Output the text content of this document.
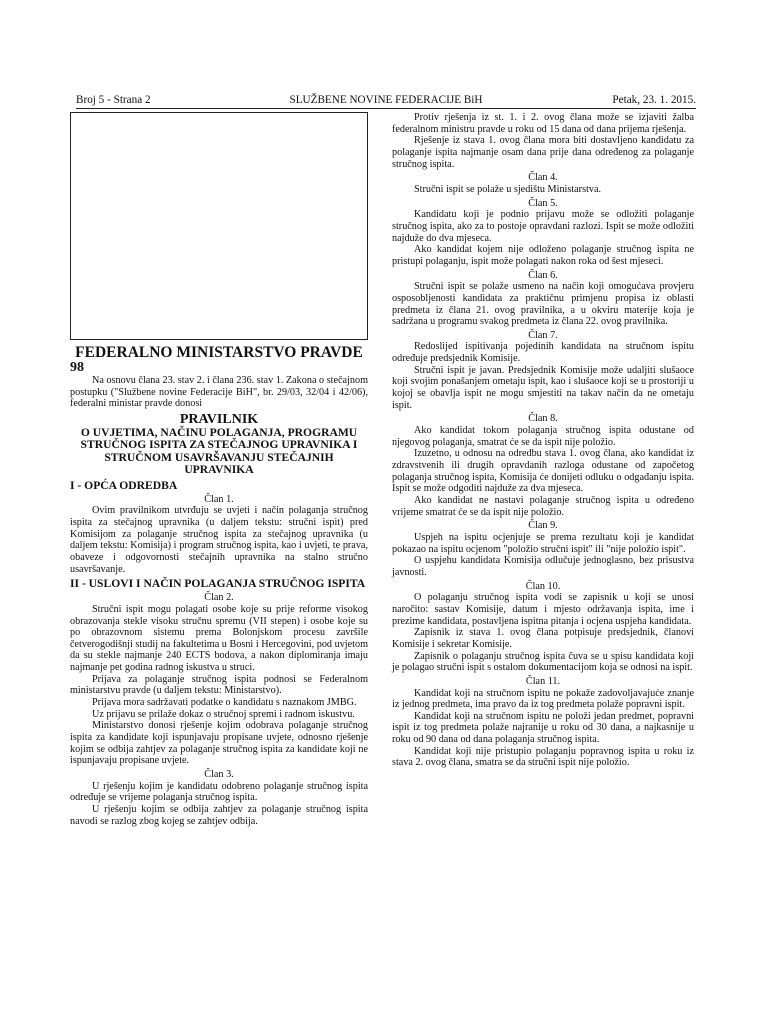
Broj 5 - Strana 2	SLUŽBENE NOVINE FEDERACIJE BiH	Petak, 23. 1. 2015.

FEDERALNO MINISTARSTVO PRAVDE

98

Na osnovu člana 23. stav 2. i člana 236. stav 1. Zakona o stečajnom postupku ("Službene novine Federacije BiH", br. 29/03, 32/04 i 42/06), federalni ministar pravde donosi

PRAVILNIK

O UVJETIMA, NAČINU POLAGANJA, PROGRAMU STRUČNOG ISPITA ZA STEČAJNOG UPRAVNIKA I STRUČNOM USAVRŠAVANJU STEČAJNIH UPRAVNIKA

I - OPĆA ODREDBA

Član 1.

Ovim pravilnikom utvrđuju se uvjeti i način polaganja stručnog ispita za stečajnog upravnika (u daljem tekstu: stručni ispit) pred Komisijom za polaganje stručnog ispita za stečajnog upravnika (u daljem tekstu: Komisija) i program stručnog ispita, kao i uvjeti, te prava, obaveze i odgovornosti stečajnih upravnika na stalno stručno usavršavanje.

II - USLOVI I NAČIN POLAGANJA STRUČNOG ISPITA

Član 2.

Stručni ispit mogu polagati osobe koje su prije reforme visokog obrazovanja stekle visoku stručnu spremu (VII stepen) i osobe koje su po obrazovnom sistemu prema Bolonjskom procesu završile četverogodišnji studij na fakultetima u Bosni i Hercegovini, pod uvjetom da su stekle najmanje 240 ECTS bodova, a nakon diplomiranja imaju najmanje pet godina radnog iskustva u struci.

Prijava za polaganje stručnog ispita podnosi se Federalnom ministarstvu pravde (u daljem tekstu: Ministarstvo).

Prijava mora sadržavati podatke o kandidatu s naznakom JMBG.

Uz prijavu se prilaže dokaz o stručnoj spremi i radnom iskustvu.

Ministarstvo donosi rješenje kojim odobrava polaganje stručnog ispita za kandidate koji ispunjavaju propisane uvjete, odnosno rješenje kojim se odbija zahtjev za polaganje stručnog ispita za kandidate koji ne ispunjavaju propisane uvjete.

Član 3.

U rješenju kojim je kandidatu odobreno polaganje stručnog ispita određuje se vrijeme polaganja stručnog ispita.

U rješenju kojim se odbija zahtjev za polaganje stručnog ispita navodi se razlog zbog kojeg se zahtjev odbija.

Protiv rješenja iz st. 1. i 2. ovog člana može se izjaviti žalba federalnom ministru pravde u roku od 15 dana od dana prijema rješenja.

Rješenje iz stava 1. ovog člana mora biti dostavljeno kandidatu za polaganje ispita najmanje osam dana prije dana određenog za polaganje stručnog ispita.

Član 4.

Stručni ispit se polaže u sjedištu Ministarstva.

Član 5.

Kandidatu koji je podnio prijavu može se odložiti polaganje stručnog ispita, ako za to postoje opravdani razlozi. Ispit se može odložiti najduže do dva mjeseca.

Ako kandidat kojem nije odloženo polaganje stručnog ispita ne pristupi polaganju, ispit može polagati nakon roka od šest mjeseci.

Član 6.

Stručni ispit se polaže usmeno na način koji omogućava provjeru osposobljenosti kandidata za praktičnu primjenu propisa iz oblasti predmeta iz člana 21. ovog pravilnika, a u okviru materije koja je sadržana u programu svakog predmeta iz člana 22. ovog pravilnika.

Član 7.

Redoslijed ispitivanja pojedinih kandidata na stručnom ispitu određuje predsjednik Komisije.

Stručni ispit je javan. Predsjednik Komisije može udaljiti slušaoce koji svojim ponašanjem ometaju ispit, kao i slušaoce koji se u prostoriji u kojoj se obavlja ispit ne mogu smjestiti na takav način da ne ometaju ispit.

Član 8.

Ako kandidat tokom polaganja stručnog ispita odustane od njegovog polaganja, smatrat će se da ispit nije položio.

Izuzetno, u odnosu na odredbu stava 1. ovog člana, ako kandidat iz zdravstvenih ili drugih opravdanih razloga odustane od započetog polaganja stručnog ispita, Komisija će donijeti odluku o odgađanju ispita. Ispit se može odgoditi najduže za dva mjeseca.

Ako kandidat ne nastavi polaganje stručnog ispita u određeno vrijeme smatrat će se da ispit nije položio.

Član 9.

Uspjeh na ispitu ocjenjuje se prema rezultatu koji je kandidat pokazao na ispitu ocjenom "položio stručni ispit" ili "nije položio ispit".

O uspjehu kandidata Komisija odlučuje jednoglasno, bez prisustva javnosti.

Član 10.

O polaganju stručnog ispita vodi se zapisnik u koji se unosi naročito: sastav Komisije, datum i mjesto održavanja ispita, ime i prezime kandidata, postavljena ispitna pitanja i ocjena uspjeha kandidata.

Zapisnik iz stava 1. ovog člana potpisuje predsjednik, članovi Komisije i sekretar Komisije.

Zapisnik o polaganju stručnog ispita čuva se u spisu kandidata koji je polagao stručni ispit s ostalom dokumentacijom koja se odnosi na ispit.

Član 11.

Kandidat koji na stručnom ispitu ne pokaže zadovoljavajuće znanje iz jednog predmeta, ima pravo da iz tog predmeta polaže popravni ispit.

Kandidat koji na stručnom ispitu ne položi jedan predmet, popravni ispit iz tog predmeta polaže najranije u roku od 30 dana, a najkasnije u roku od 90 dana od dana polaganja stručnog ispita.

Kandidat koji nije pristupio polaganju popravnog ispita u roku iz stava 2. ovog člana, smatra se da stručni ispit nije položio.
